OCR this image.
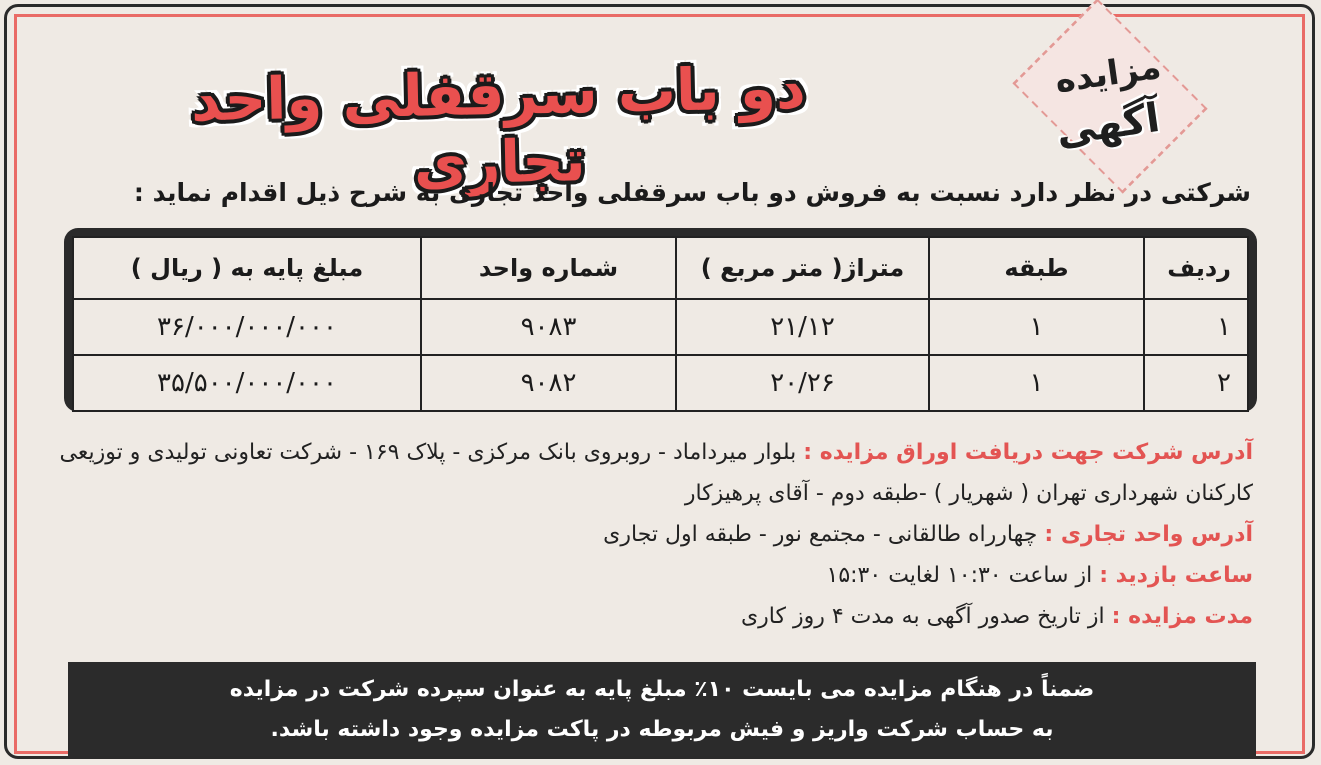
مزایده
آگهی
دو باب سرقفلی واحد تجاری
شرکتی در نظر دارد نسبت به فروش دو باب سرقفلی واحد تجاری به شرح ذیل اقدام نماید :
ردیف	طبقه	متراژ( متر مربع )	شماره واحد	مبلغ پایه به ( ریال )
۱	۱	۲۱/۱۲	۹۰۸۳	۳۶/۰۰۰/۰۰۰/۰۰۰
۲	۱	۲۰/۲۶	۹۰۸۲	۳۵/۵۰۰/۰۰۰/۰۰۰

آدرس شرکت جهت دریافت اوراق مزایده : بلوار میرداماد - روبروی بانک مرکزی - پلاک ۱۶۹ - شرکت تعاونی تولیدی و توزیعی کارکنان شهرداری تهران ( شهریار ) -طبقه دوم - آقای پرهیزکار

آدرس واحد تجاری : چهارراه طالقانی - مجتمع نور - طبقه اول تجاری

ساعت بازدید : از ساعت ۱۰:۳۰ لغایت ۱۵:۳۰

مدت مزایده : از تاریخ صدور آگهی به مدت ۴ روز کاری

ضمناً در هنگام مزایده می بایست ۱۰٪ مبلغ پایه به عنوان سپرده شرکت در مزایده

به حساب شرکت واریز و فیش مربوطه در پاکت مزایده وجود داشته باشد.
